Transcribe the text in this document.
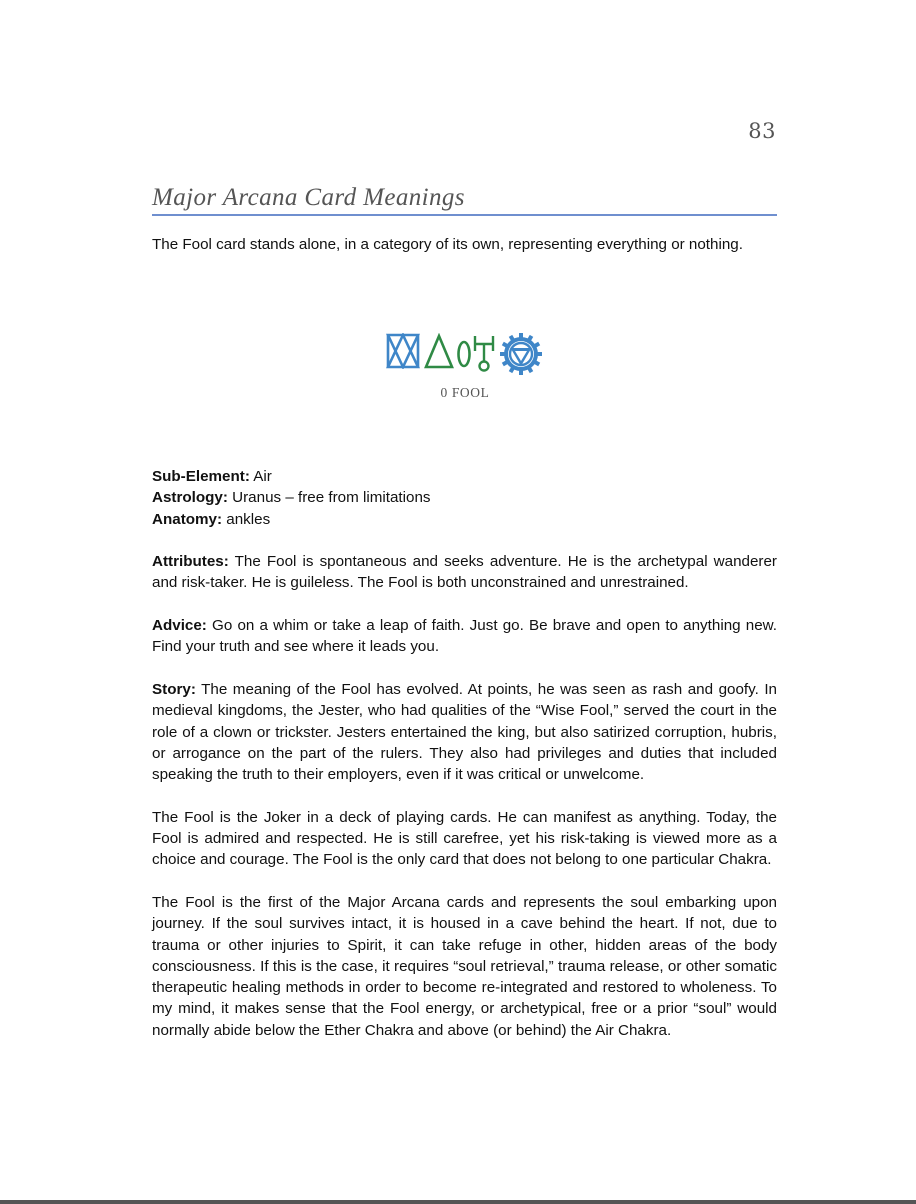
83
Major Arcana Card Meanings
The Fool card stands alone, in a category of its own, representing everything or nothing.
0 FOOL

Sub-Element: Air

Astrology: Uranus – free from limitations

Anatomy: ankles

Attributes: The Fool is spontaneous and seeks adventure. He is the archetypal wanderer and risk-taker. He is guileless. The Fool is both unconstrained and unrestrained.

Advice: Go on a whim or take a leap of faith. Just go. Be brave and open to anything new. Find your truth and see where it leads you.

Story: The meaning of the Fool has evolved. At points, he was seen as rash and goofy. In medieval kingdoms, the Jester, who had qualities of the “Wise Fool,” served the court in the role of a clown or trickster. Jesters entertained the king, but also satirized corruption, hubris, or arrogance on the part of the rulers. They also had privileges and duties that included speaking the truth to their employers, even if it was critical or unwelcome.

The Fool is the Joker in a deck of playing cards. He can manifest as anything. Today, the Fool is admired and respected. He is still carefree, yet his risk-taking is viewed more as a choice and courage. The Fool is the only card that does not belong to one particular Chakra.

The Fool is the first of the Major Arcana cards and represents the soul embarking upon journey. If the soul survives intact, it is housed in a cave behind the heart. If not, due to trauma or other injuries to Spirit, it can take refuge in other, hidden areas of the body consciousness. If this is the case, it requires “soul retrieval,” trauma release, or other somatic therapeutic healing methods in order to become re-integrated and restored to wholeness. To my mind, it makes sense that the Fool energy, or archetypical, free or a prior “soul” would normally abide below the Ether Chakra and above (or behind) the Air Chakra.
